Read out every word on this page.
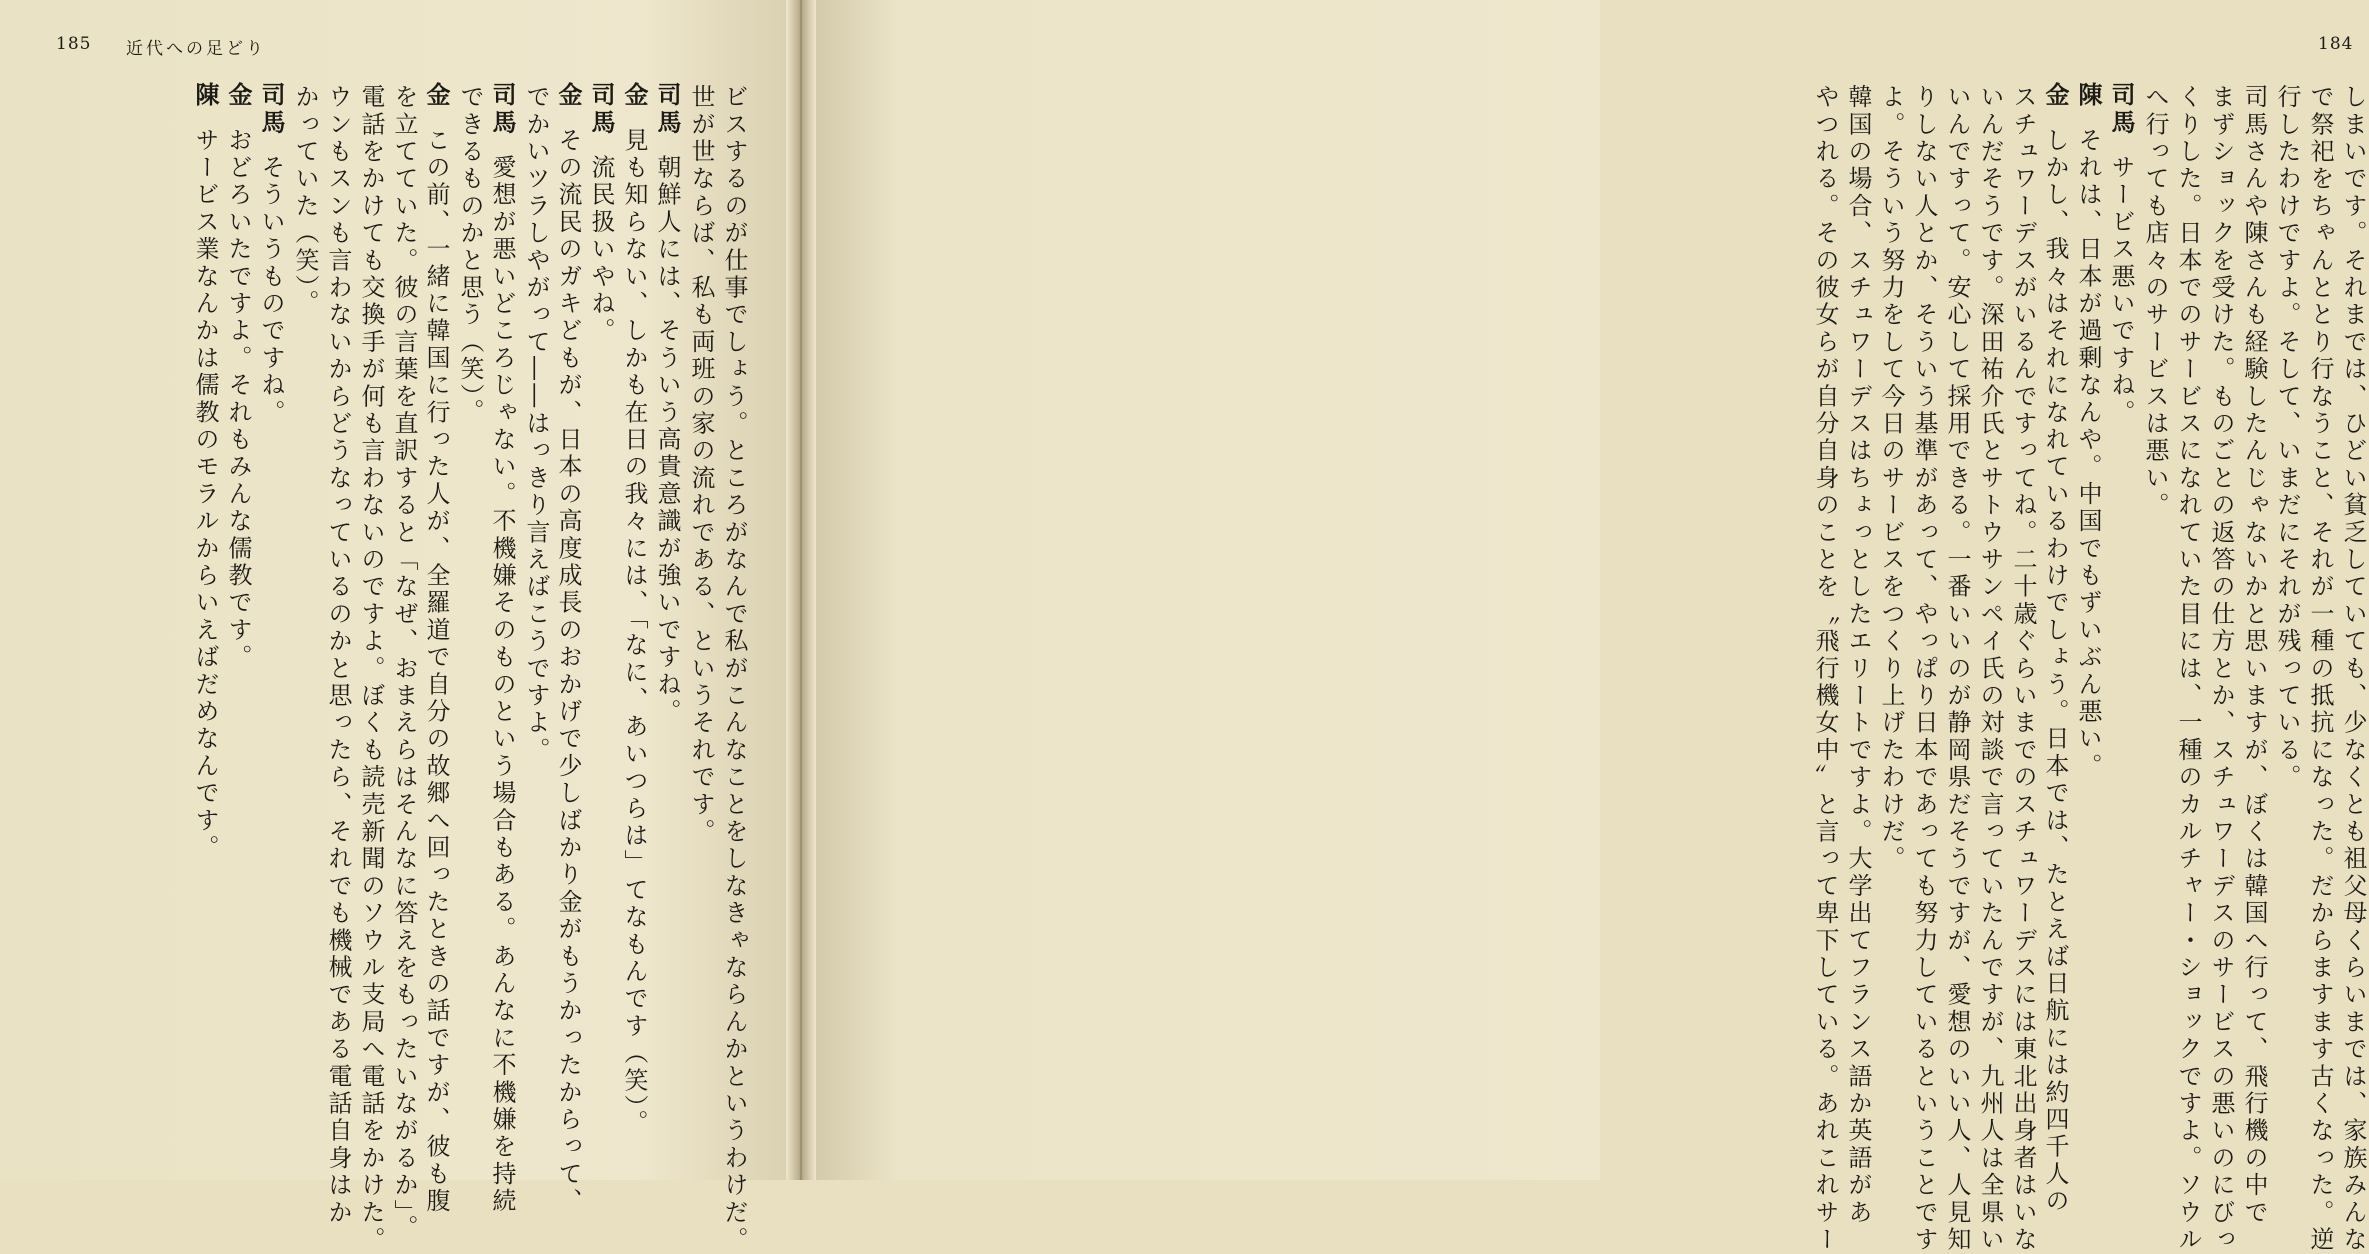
185 近代への足どり
ビスするのが仕事でしょう。ところがなんで私がこんなことをしなきゃならんかというわけだ。
世が世ならば、私も両班の家の流れである、というそれです。
司馬朝鮮人には、そういう高貴意識が強いですね。
金見も知らない、しかも在日の我々には、「なに、あいつらは」てなもんです（笑）。
司馬流民扱いやね。
金その流民のガキどもが、日本の高度成長のおかげで少しばかり金がもうかったからって、
でかいツラしやがって――はっきり言えばこうですよ。
司馬愛想が悪いどころじゃない。不機嫌そのものという場合もある。あんなに不機嫌を持続
できるものかと思う（笑）。
金この前、一緒に韓国に行った人が、全羅道で自分の故郷へ回ったときの話ですが、彼も腹
を立てていた。彼の言葉を直訳すると「なぜ、おまえらはそんなに答えをもったいながるか」。
電話をかけても交換手が何も言わないのですよ。ぼくも読売新聞のソウル支局へ電話をかけた。
ウンもスンも言わないからどうなっているのかと思ったら、それでも機械である電話自身はか
かっていた（笑）。
司馬そういうものですね。
金おどろいたですよ。それもみんな儒教です。
陳サービス業なんかは儒教のモラルからいえばだめなんです。
184
しまいです。それまでは、ひどい貧乏していても、少なくとも祖父母くらいまでは、家族みんな
で祭祀をちゃんととり行なうこと、それが一種の抵抗になった。だからますます古くなった。逆
行したわけですよ。そして、いまだにそれが残っている。
司馬さんや陳さんも経験したんじゃないかと思いますが、ぼくは韓国へ行って、飛行機の中で
まずショックを受けた。ものごとの返答の仕方とか、スチュワーデスのサービスの悪いのにびっ
くりした。日本でのサービスになれていた目には、一種のカルチャー・ショックですよ。ソウル
へ行っても店々のサービスは悪い。
司馬サービス悪いですね。
陳それは、日本が過剰なんや。中国でもずいぶん悪い。
金しかし、我々はそれになれているわけでしょう。日本では、たとえば日航には約四千人の
スチュワーデスがいるんですってね。二十歳ぐらいまでのスチュワーデスには東北出身者はいな
いんだそうです。深田祐介氏とサトウサンペイ氏の対談で言っていたんですが、九州人は全県い
いんですって。安心して採用できる。一番いいのが静岡県だそうですが、愛想のいい人、人見知
りしない人とか、そういう基準があって、やっぱり日本であっても努力しているということです
よ。そういう努力をして今日のサービスをつくり上げたわけだ。
韓国の場合、スチュワーデスはちょっとしたエリートですよ。大学出てフランス語か英語があ
やつれる。その彼女らが自分自身のことを〝飛行機女中〟と言って卑下している。あれこれサー
